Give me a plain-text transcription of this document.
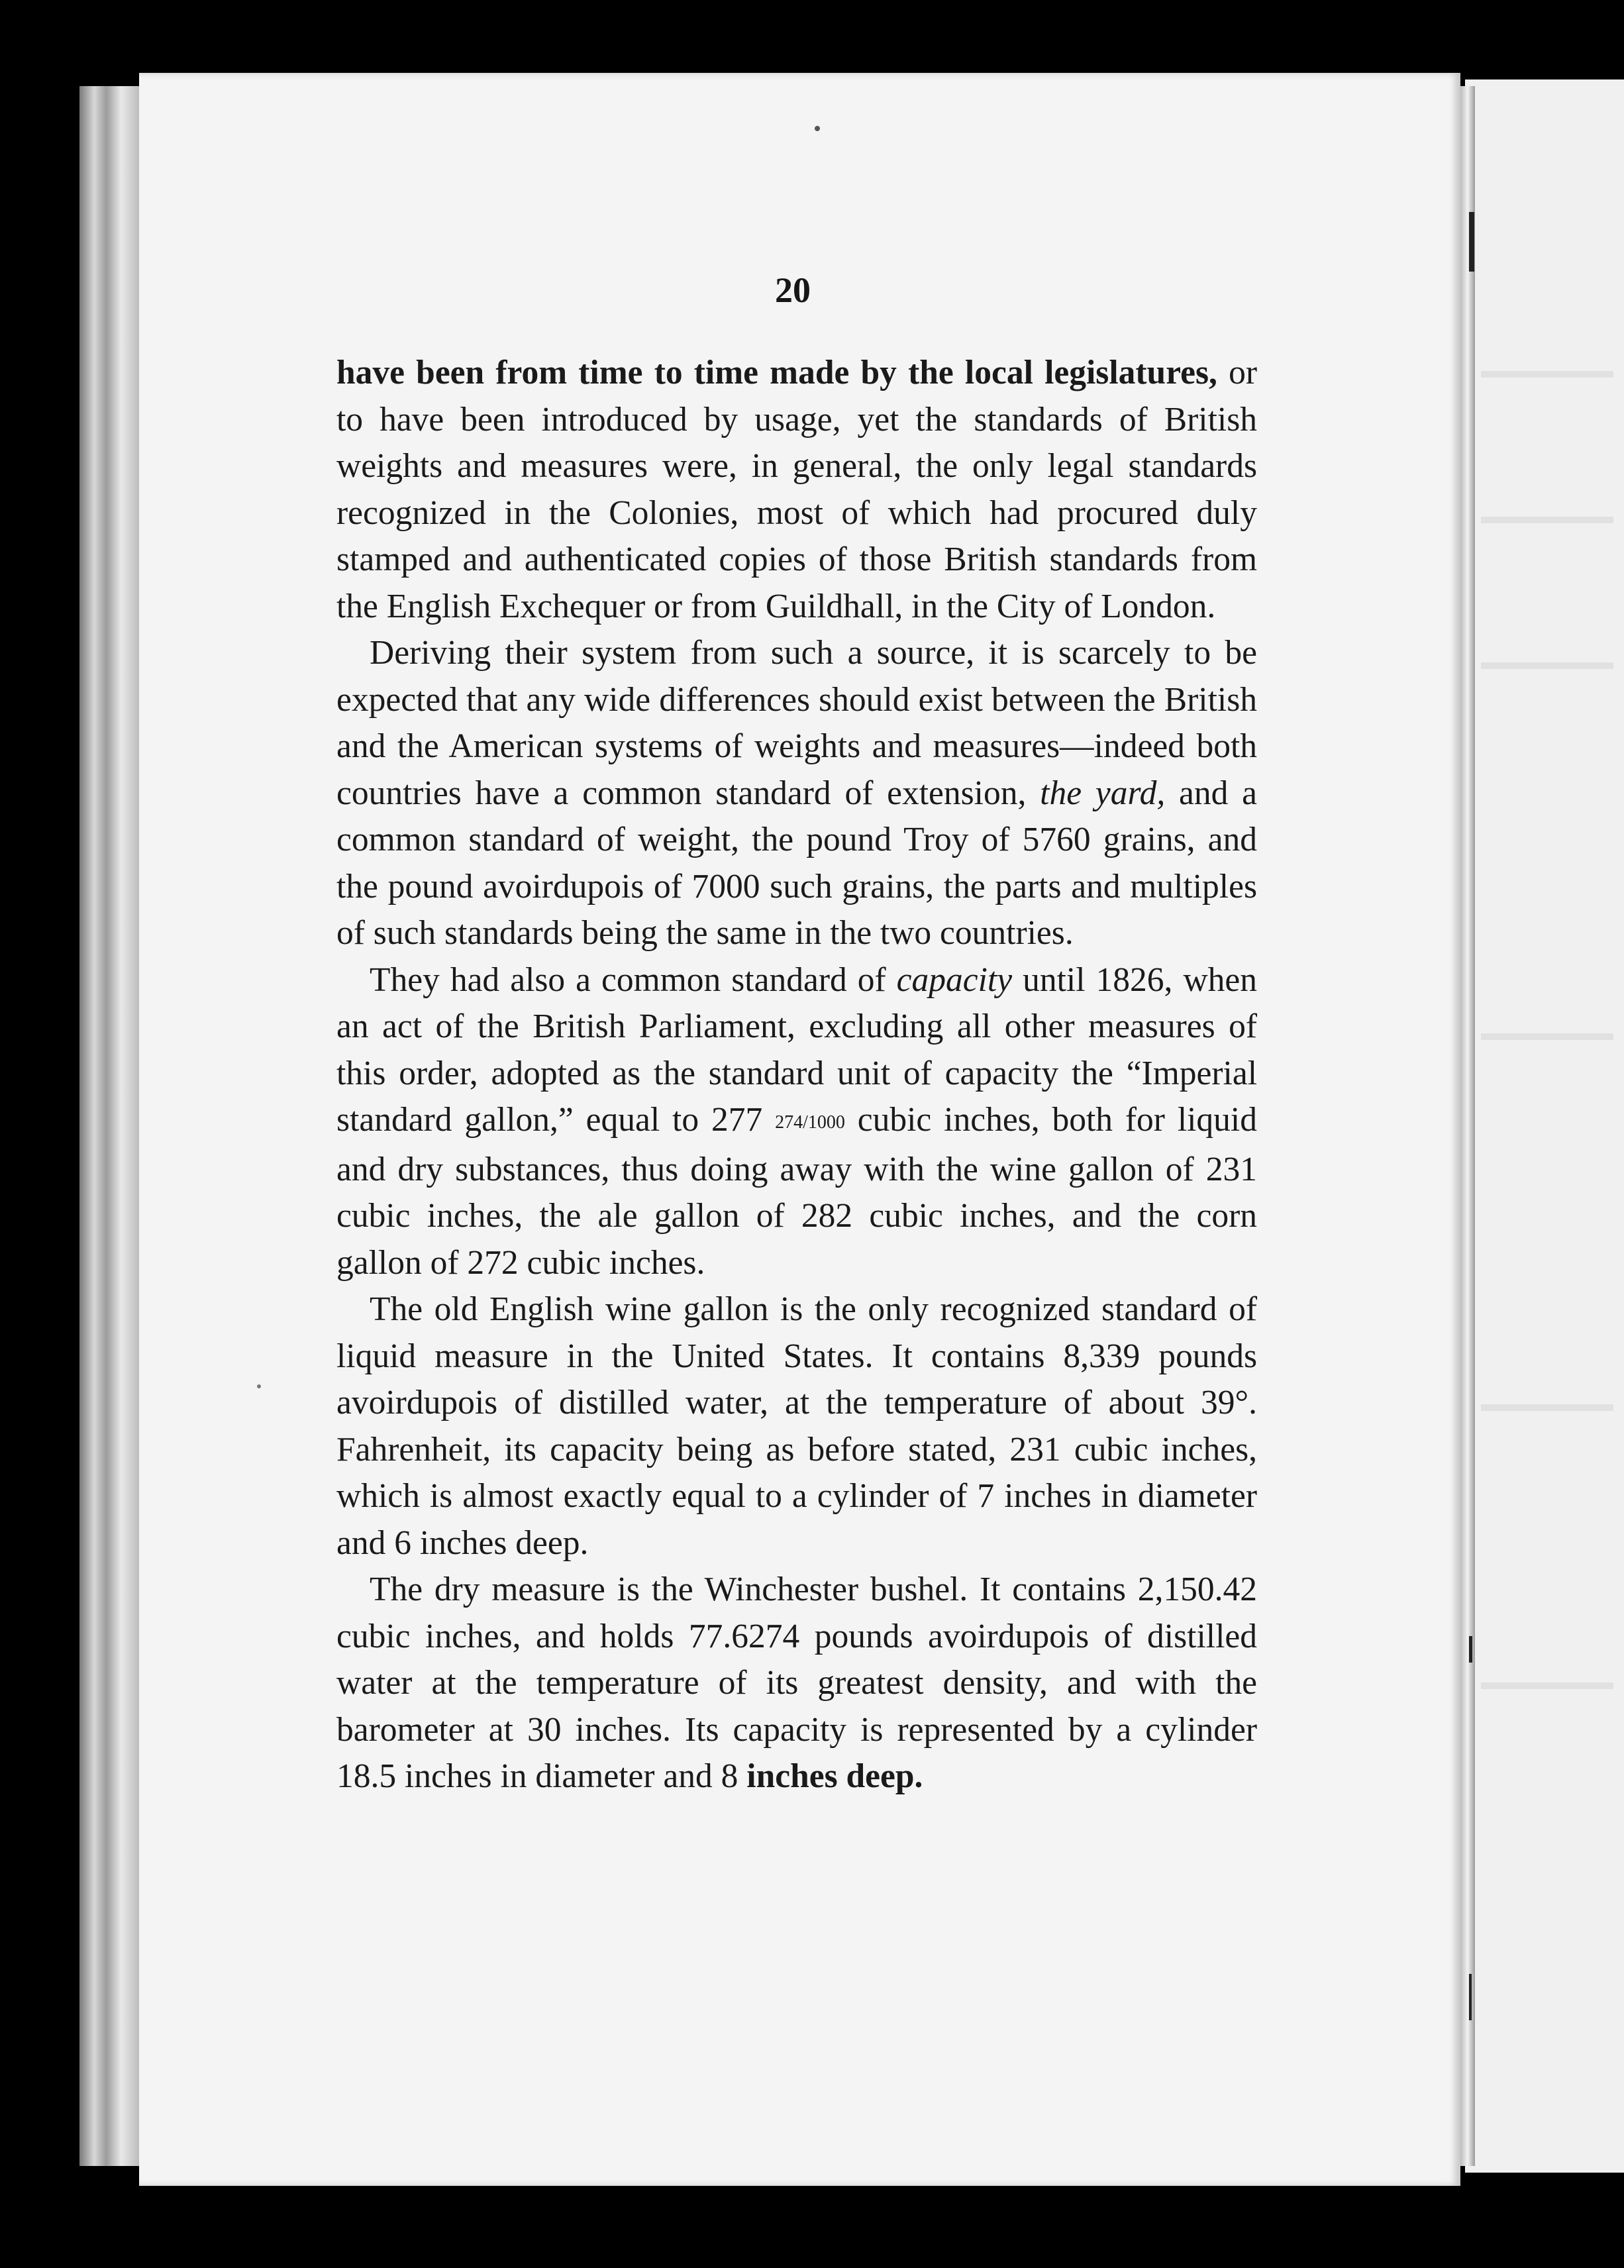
20

have been from time to time made by the local legislatures, or to have been introduced by usage, yet the standards of British weights and measures were, in general, the only legal standards recognized in the Colonies, most of which had procured duly stamped and authenticated copies of those British standards from the English Exchequer or from Guildhall, in the City of London.

Deriving their system from such a source, it is scarcely to be expected that any wide differences should exist between the British and the American systems of weights and measures—indeed both countries have a common standard of extension, the yard, and a common standard of weight, the pound Troy of 5760 grains, and the pound avoirdupois of 7000 such grains, the parts and multiples of such standards being the same in the two countries.

They had also a common standard of capacity until 1826, when an act of the British Parliament, excluding all other measures of this order, adopted as the standard unit of capacity the “Imperial standard gallon,” equal to 277 274/1000 cubic inches, both for liquid and dry substances, thus doing away with the wine gallon of 231 cubic inches, the ale gallon of 282 cubic inches, and the corn gallon of 272 cubic inches.

The old English wine gallon is the only recognized standard of liquid measure in the United States. It contains 8,339 pounds avoirdupois of distilled water, at the temperature of about 39°. Fahrenheit, its capacity being as before stated, 231 cubic inches, which is almost exactly equal to a cylinder of 7 inches in diameter and 6 inches deep.

The dry measure is the Winchester bushel. It contains 2,150.42 cubic inches, and holds 77.6274 pounds avoirdupois of distilled water at the temperature of its greatest density, and with the barometer at 30 inches. Its capacity is represented by a cylinder 18.5 inches in diameter and 8 inches deep.
